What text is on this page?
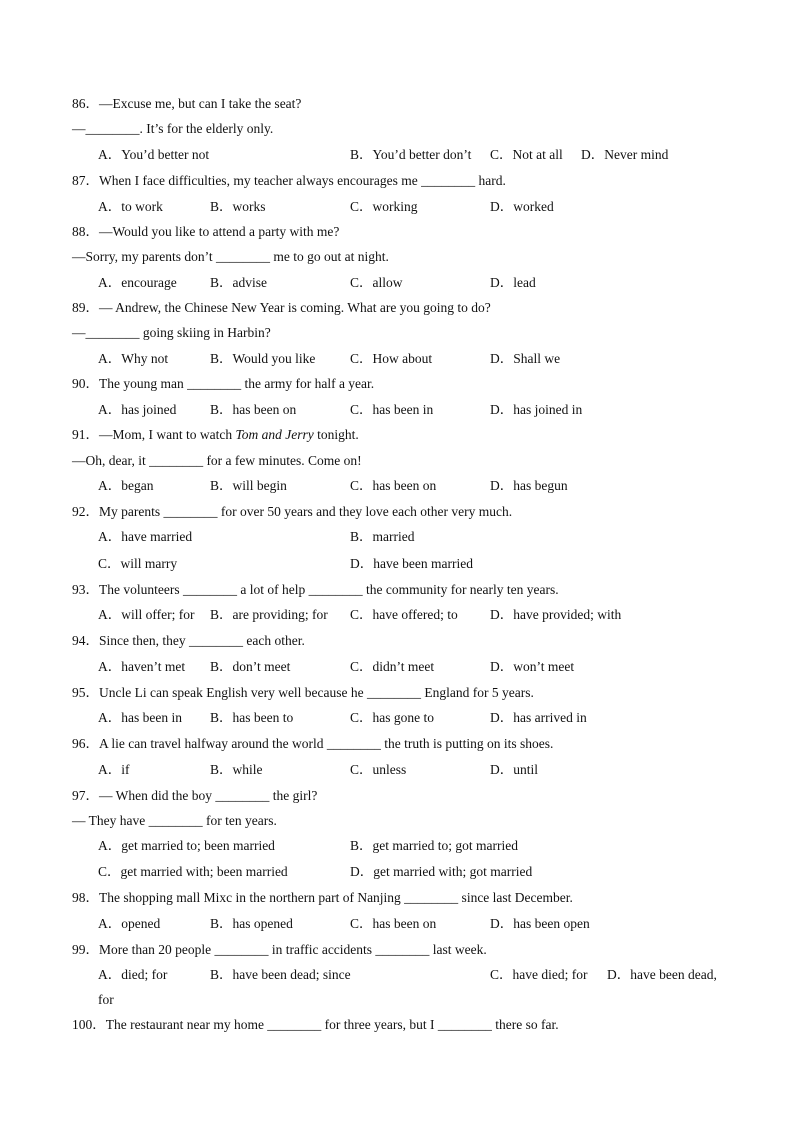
86．—Excuse me, but can I take the seat?
—________. It’s for the elderly only.
A．You’d better not	B．You’d better don’t C．Not at all D．Never mind
87．When I face difficulties, my teacher always encourages me ________ hard.
A．to work	B．works	C．working	D．worked
88．—Would you like to attend a party with me?
—Sorry, my parents don’t ________ me to go out at night.
A．encourage B．advise	C．allow	D．lead
89．— Andrew, the Chinese New Year is coming. What are you going to do?
—________ going skiing in Harbin?
A．Why not	B．Would you like	C．How about	D．Shall we
90．The young man ________ the army for half a year.
A．has joined B．has been on	C．has been in	D．has joined in
91．—Mom, I want to watch Tom and Jerry tonight.
—Oh, dear, it ________ for a few minutes. Come on!
A．began	B．will begin	C．has been on	D．has begun
92．My parents ________ for over 50 years and they love each other very much.
A．have married	B．married
C．will marry	D．have been married
93．The volunteers ________ a lot of help ________ the community for nearly ten years.
A．will offer; for B．are providing; for C．have offered; to D．have provided; with
94．Since then, they ________ each other.
A．haven’t met B．don’t meet	C．didn’t meet	D．won’t meet
95．Uncle Li can speak English very well because he ________ England for 5 years.
A．has been in B．has been to	C．has gone to	D．has arrived in
96．A lie can travel halfway around the world ________ the truth is putting on its shoes.
A．if	B．while	C．unless	D．until
97．— When did the boy ________ the girl?
— They have ________ for ten years.
A．get married to; been married	B．get married to; got married
C．get married with; been married	D．get married with; got married
98．The shopping mall Mixc in the northern part of Nanjing ________ since last December.
A．opened	B．has opened	C．has been on	D．has been open
99．More than 20 people ________ in traffic accidents ________ last week.
A．died; for	B．have been dead; since	C．have died; for D．have been dead,
for
100．The restaurant near my home ________ for three years, but I ________ there so far.
